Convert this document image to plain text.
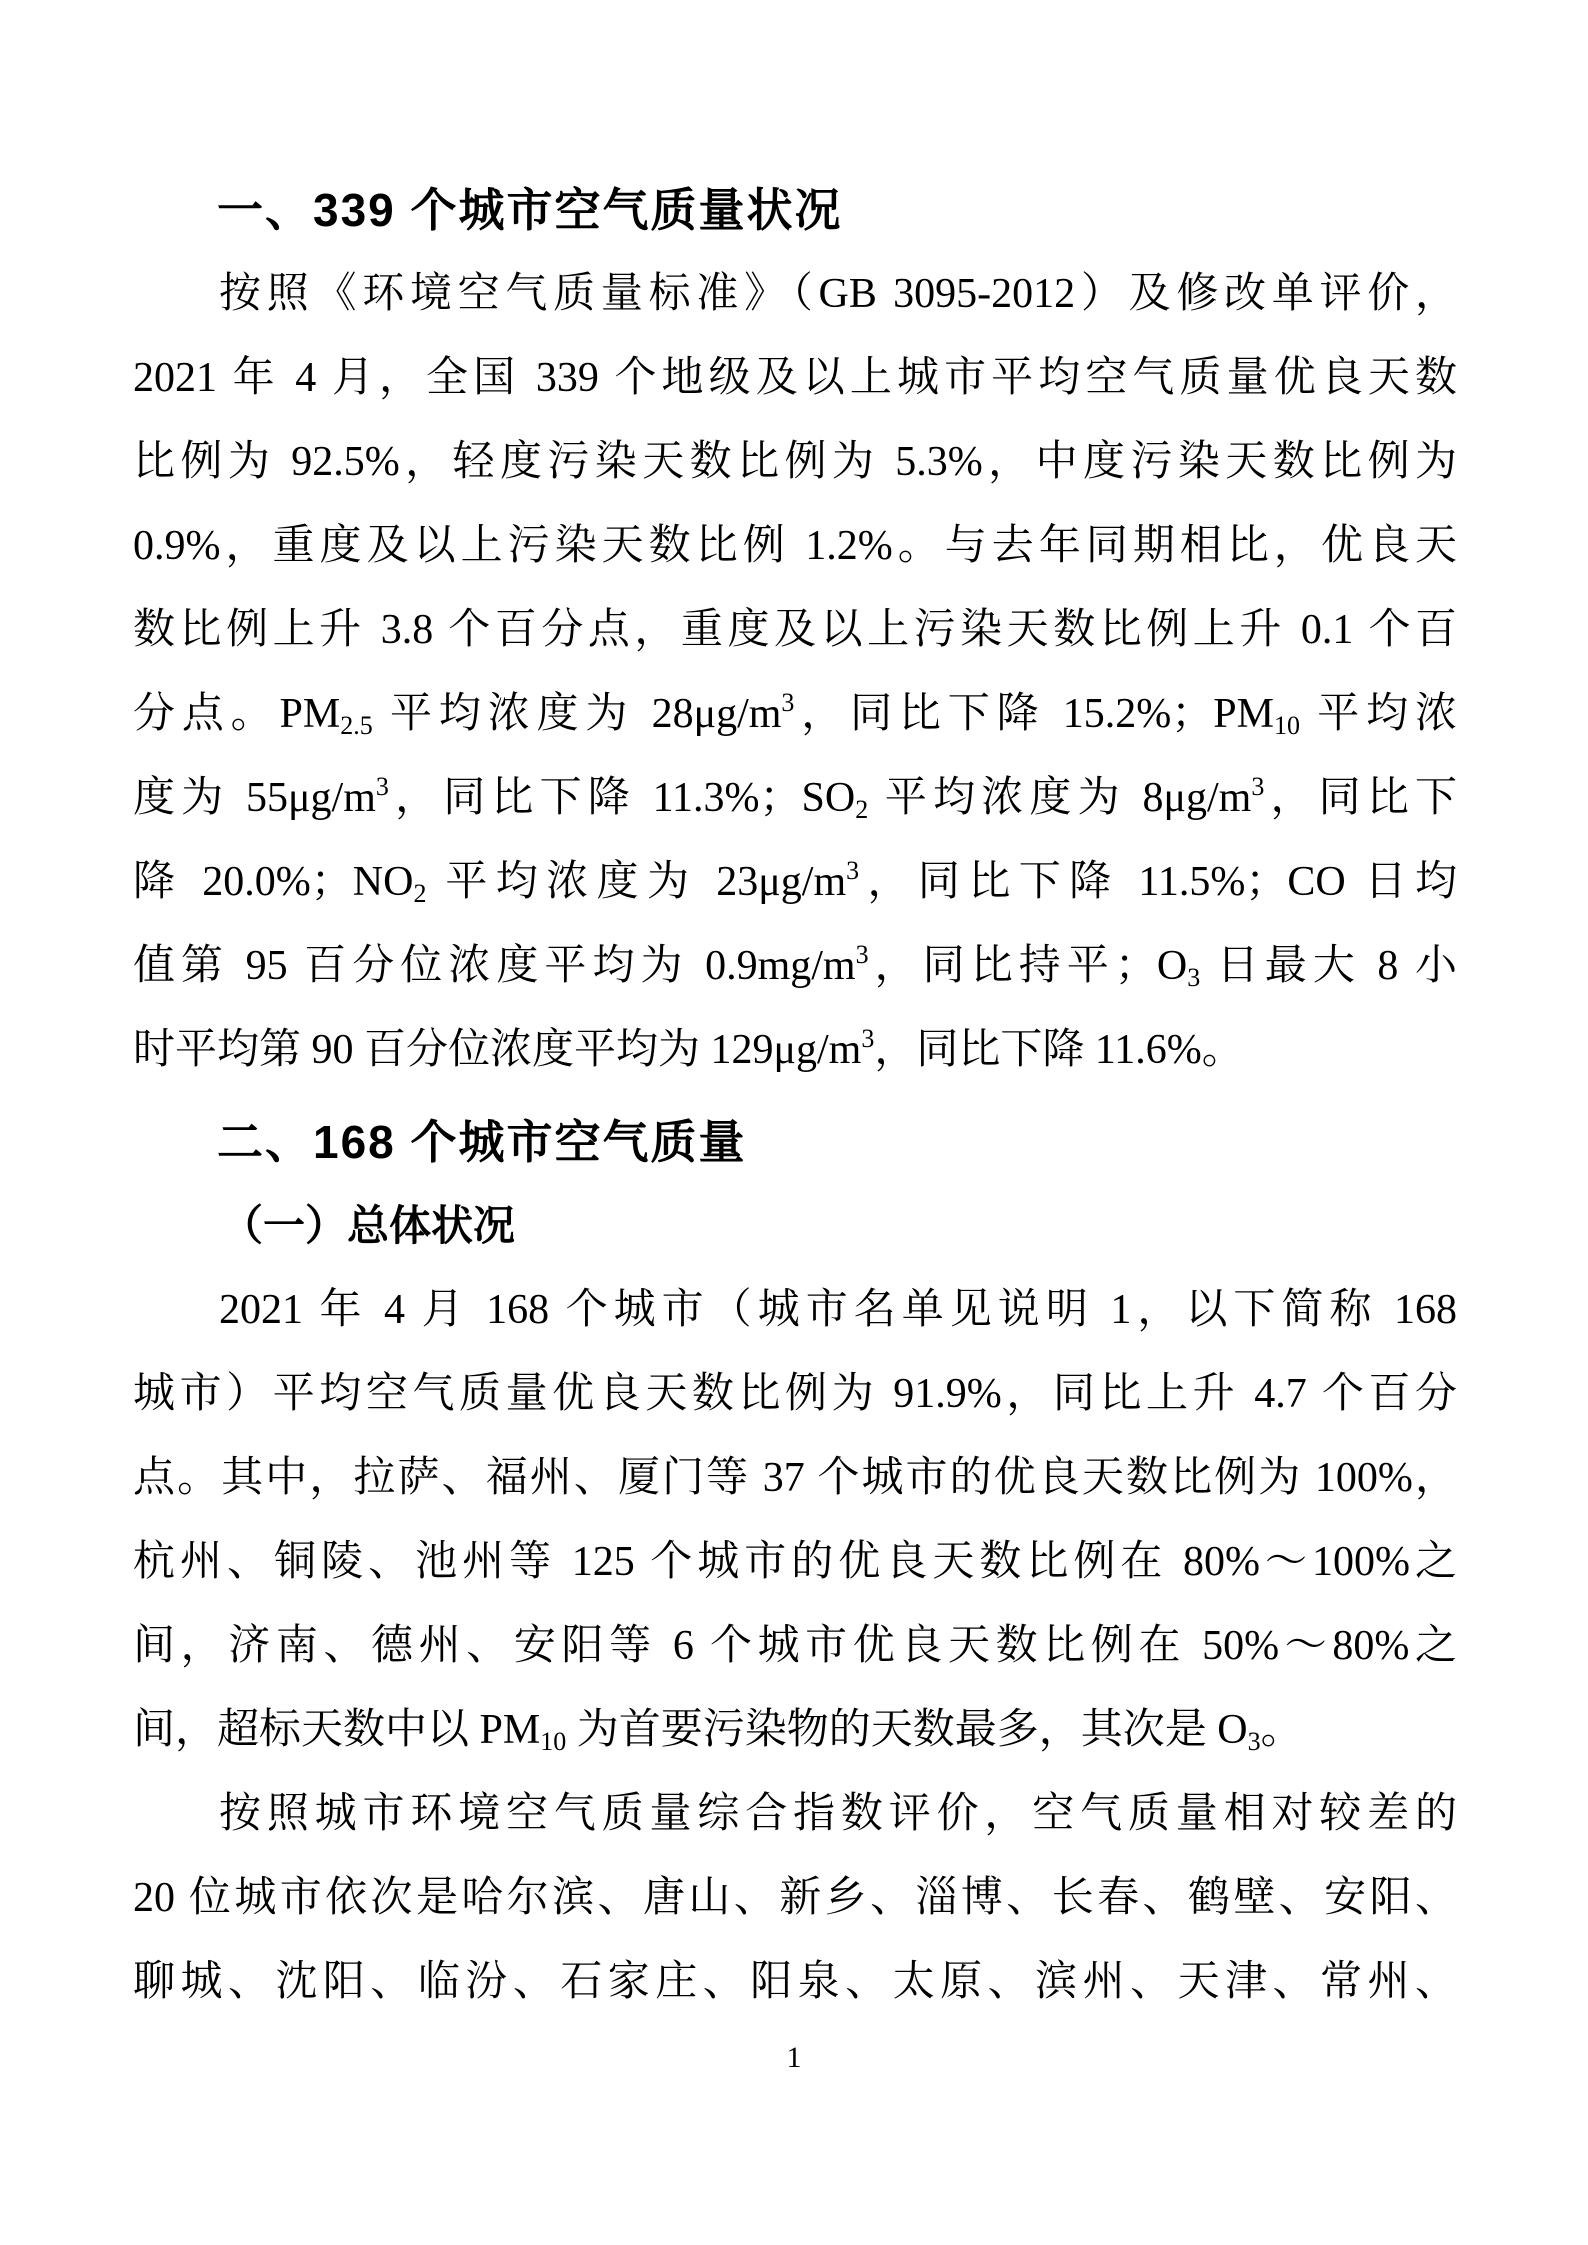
一、339 个城市空气质量状况
按照《环境空气质量标准》（GB 3095-2012）及修改单评价，
2021 年 4 月，全国 339 个地级及以上城市平均空气质量优良天数
比例为 92.5%，轻度污染天数比例为 5.3%，中度污染天数比例为
0.9%，重度及以上污染天数比例 1.2%。与去年同期相比，优良天
数比例上升 3.8 个百分点，重度及以上污染天数比例上升 0.1 个百
分点。$PM_{2.5}$ 平均浓度为 $28\mu g/m^3$，同比下降 15.2%；$PM_{10}$ 平均浓
度为 $55\mu g/m^3$，同比下降 11.3%；$SO_2$ 平均浓度为 $8\mu g/m^3$，同比下
降 20.0%；$NO_2$ 平均浓度为 $23\mu g/m^3$，同比下降 11.5%；CO 日均
值第 95 百分位浓度平均为 $0.9mg/m^3$，同比持平；$O_3$ 日最大 8 小
时平均第 90 百分位浓度平均为 $129\mu g/m^3$，同比下降 11.6%。
二、168 个城市空气质量
（一）总体状况
2021 年 4 月 168 个城市（城市名单见说明 1，以下简称 168
城市）平均空气质量优良天数比例为 91.9%，同比上升 4.7 个百分
点。其中，拉萨、福州、厦门等 37 个城市的优良天数比例为 100%，
杭州、铜陵、池州等 125 个城市的优良天数比例在 80%～100%之
间，济南、德州、安阳等 6 个城市优良天数比例在 50%～80%之
间，超标天数中以 $PM_{10}$ 为首要污染物的天数最多，其次是 $O_3$。
按照城市环境空气质量综合指数评价，空气质量相对较差的
20 位城市依次是哈尔滨、唐山、新乡、淄博、长春、鹤壁、安阳、
聊城、沈阳、临汾、石家庄、阳泉、太原、滨州、天津、常州、
1
